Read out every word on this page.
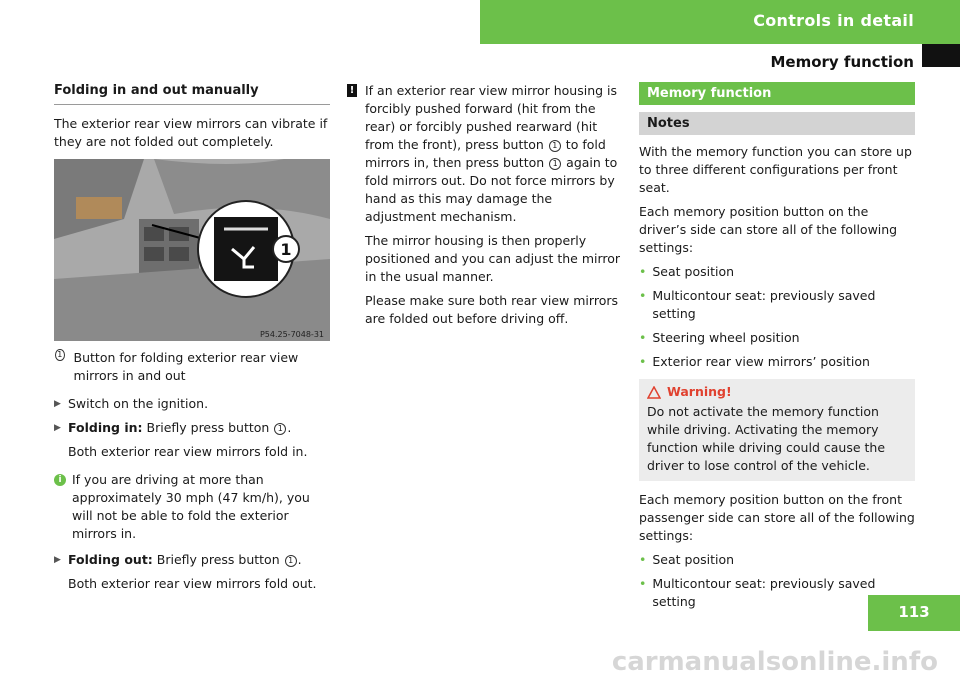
Controls in detail
Memory function
Folding in and out manually

The exterior rear view mirrors can vibrate if they are not folded out completely.

1
P54.25-7048-31
1 Button for folding exterior rear view mirrors in and out
▶ Switch on the ignition.
▶ Folding in: Briefly press button 1 .
Both exterior rear view mirrors fold in.
i If you are driving at more than approximately 30 mph (47 km/h), you will not be able to fold the exterior mirrors in.
▶ Folding out: Briefly press button 1 .
Both exterior rear view mirrors fold out.
! If an exterior rear view mirror housing is forcibly pushed forward (hit from the rear) or forcibly pushed rearward (hit from the front), press button 1 to fold mirrors in, then press button 1 again to fold mirrors out. Do not force mirrors by hand as this may damage the adjustment mechanism.

The mirror housing is then properly positioned and you can adjust the mirror in the usual manner.

Please make sure both rear view mirrors are folded out before driving off.

Memory function
Notes

With the memory function you can store up to three different configurations per front seat.

Each memory position button on the driver’s side can store all of the following settings:

• Seat position
• Multicontour seat: previously saved setting
• Steering wheel position
• Exterior rear view mirrors’ position
Warning!
Do not activate the memory function while driving. Activating the memory function while driving could cause the driver to lose control of the vehicle.

Each memory position button on the front passenger side can store all of the following settings:

• Seat position
• Multicontour seat: previously saved setting
113
carmanualsonline.info
